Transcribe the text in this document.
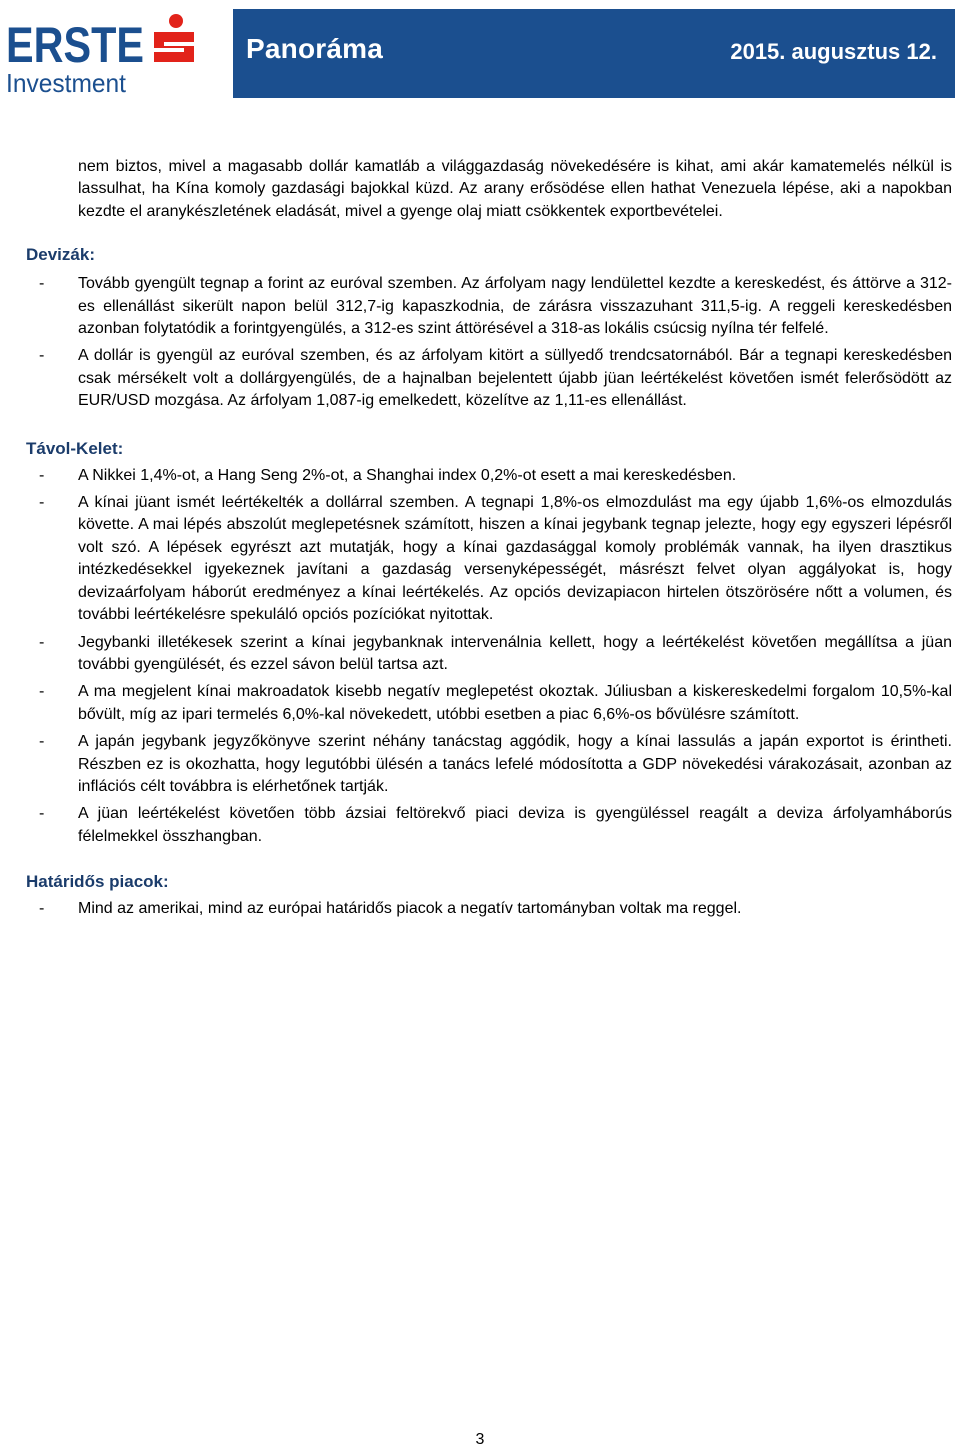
ERSTE
Investment
Panoráma	2015. augusztus 12.

nem biztos, mivel a magasabb dollár kamatláb a világgazdaság növekedésére is kihat, ami akár kamatemelés nélkül is lassulhat, ha Kína komoly gazdasági bajokkal küzd. Az arany erősödése ellen hathat Venezuela lépése, aki a napokban kezdte el aranykészletének eladását, mivel a gyenge olaj miatt csökkentek exportbevételei.

Devizák:
- Tovább gyengült tegnap a forint az euróval szemben. Az árfolyam nagy lendülettel kezdte a kereskedést, és áttörve a 312-es ellenállást sikerült napon belül 312,7-ig kapaszkodnia, de zárásra visszazuhant 311,5-ig. A reggeli kereskedésben azonban folytatódik a forintgyengülés, a 312-es szint áttörésével a 318-as lokális csúcsig nyílna tér felfelé.
- A dollár is gyengül az euróval szemben, és az árfolyam kitört a süllyedő trendcsatornából. Bár a tegnapi kereskedésben csak mérsékelt volt a dollárgyengülés, de a hajnalban bejelentett újabb jüan leértékelést követően ismét felerősödött az EUR/USD mozgása. Az árfolyam 1,087-ig emelkedett, közelítve az 1,11-es ellenállást.
Távol-Kelet:
- A Nikkei 1,4%-ot, a Hang Seng 2%-ot, a Shanghai index 0,2%-ot esett a mai kereskedésben.
- A kínai jüant ismét leértékelték a dollárral szemben. A tegnapi 1,8%-os elmozdulást ma egy újabb 1,6%-os elmozdulás követte. A mai lépés abszolút meglepetésnek számított, hiszen a kínai jegybank tegnap jelezte, hogy egy egyszeri lépésről volt szó. A lépések egyrészt azt mutatják, hogy a kínai gazdasággal komoly problémák vannak, ha ilyen drasztikus intézkedésekkel igyekeznek javítani a gazdaság versenyképességét, másrészt felvet olyan aggályokat is, hogy devizaárfolyam háborút eredményez a kínai leértékelés. Az opciós devizapiacon hirtelen ötszörösére nőtt a volumen, és további leértékelésre spekuláló opciós pozíciókat nyitottak.
- Jegybanki illetékesek szerint a kínai jegybanknak intervenálnia kellett, hogy a leértékelést követően megállítsa a jüan további gyengülését, és ezzel sávon belül tartsa azt.
- A ma megjelent kínai makroadatok kisebb negatív meglepetést okoztak. Júliusban a kiskereskedelmi forgalom 10,5%-kal bővült, míg az ipari termelés 6,0%-kal növekedett, utóbbi esetben a piac 6,6%-os bővülésre számított.
- A japán jegybank jegyzőkönyve szerint néhány tanácstag aggódik, hogy a kínai lassulás a japán exportot is érintheti. Részben ez is okozhatta, hogy legutóbbi ülésén a tanács lefelé módosította a GDP növekedési várakozásait, azonban az inflációs célt továbbra is elérhetőnek tartják.
- A jüan leértékelést követően több ázsiai feltörekvő piaci deviza is gyengüléssel reagált a deviza árfolyamháborús félelmekkel összhangban.
Határidős piacok:
- Mind az amerikai, mind az európai határidős piacok a negatív tartományban voltak ma reggel.
3
